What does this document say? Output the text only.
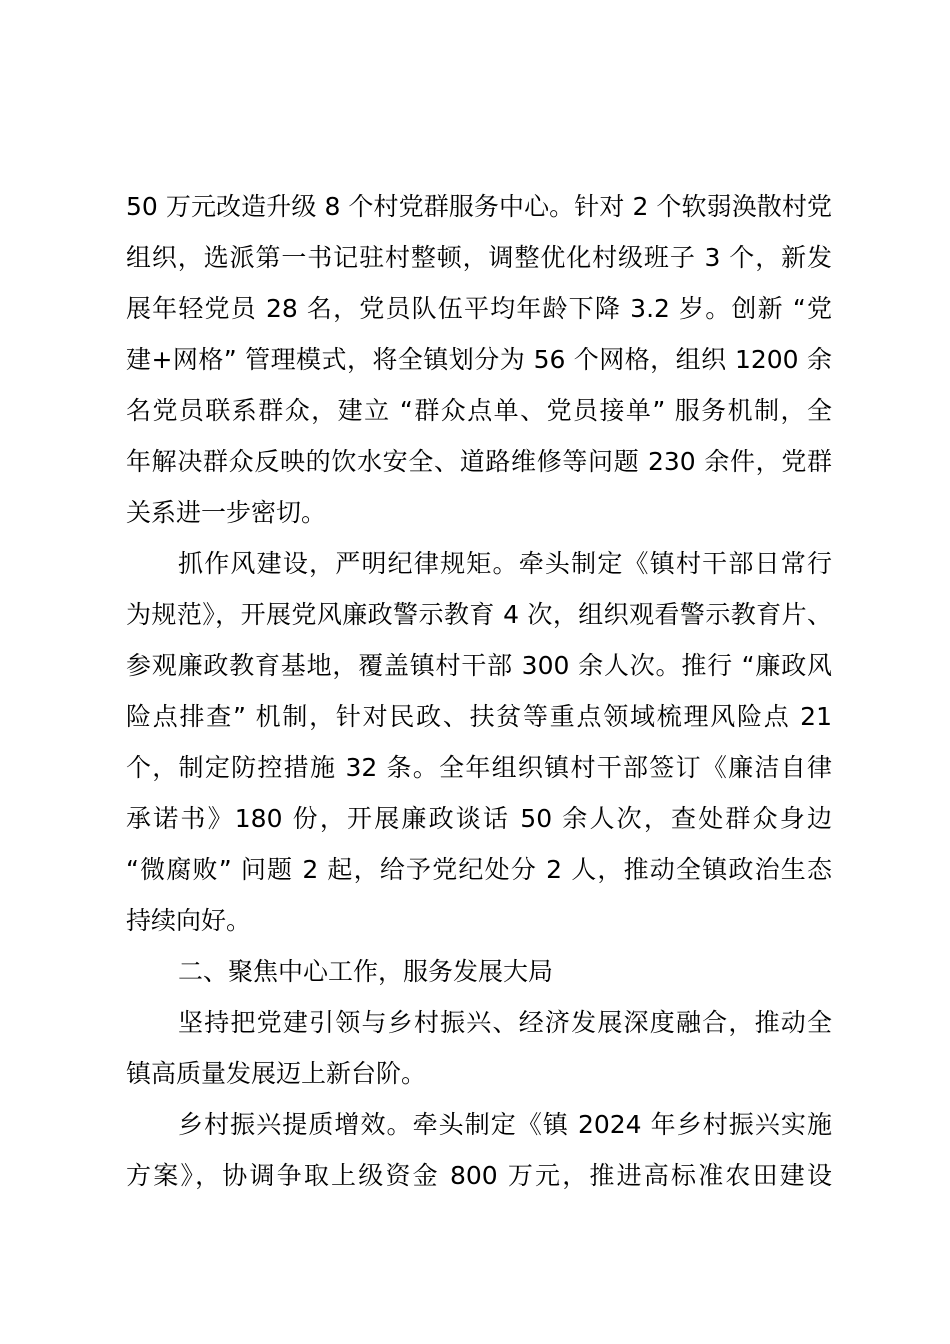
50 万元改造升级 8 个村党群服务中心。针对 2 个软弱涣散村党
组织，选派第一书记驻村整顿，调整优化村级班子 3 个，新发
展年轻党员 28 名，党员队伍平均年龄下降 3.2 岁。创新 “党
建+网格” 管理模式，将全镇划分为 56 个网格，组织 1200 余
名党员联系群众，建立 “群众点单、党员接单” 服务机制，全
年解决群众反映的饮水安全、道路维修等问题 230 余件，党群
关系进一步密切。
抓作风建设，严明纪律规矩。牵头制定《镇村干部日常行
为规范》，开展党风廉政警示教育 4 次，组织观看警示教育片、
参观廉政教育基地，覆盖镇村干部 300 余人次。推行 “廉政风
险点排查” 机制，针对民政、扶贫等重点领域梳理风险点 21
个，制定防控措施 32 条。全年组织镇村干部签订《廉洁自律
承诺书》180 份，开展廉政谈话 50 余人次，查处群众身边
“微腐败” 问题 2 起，给予党纪处分 2 人，推动全镇政治生态
持续向好。
二、聚焦中心工作，服务发展大局
坚持把党建引领与乡村振兴、经济发展深度融合，推动全
镇高质量发展迈上新台阶。
乡村振兴提质增效。牵头制定《镇 2024 年乡村振兴实施
方案》，协调争取上级资金 800 万元，推进高标准农田建设
